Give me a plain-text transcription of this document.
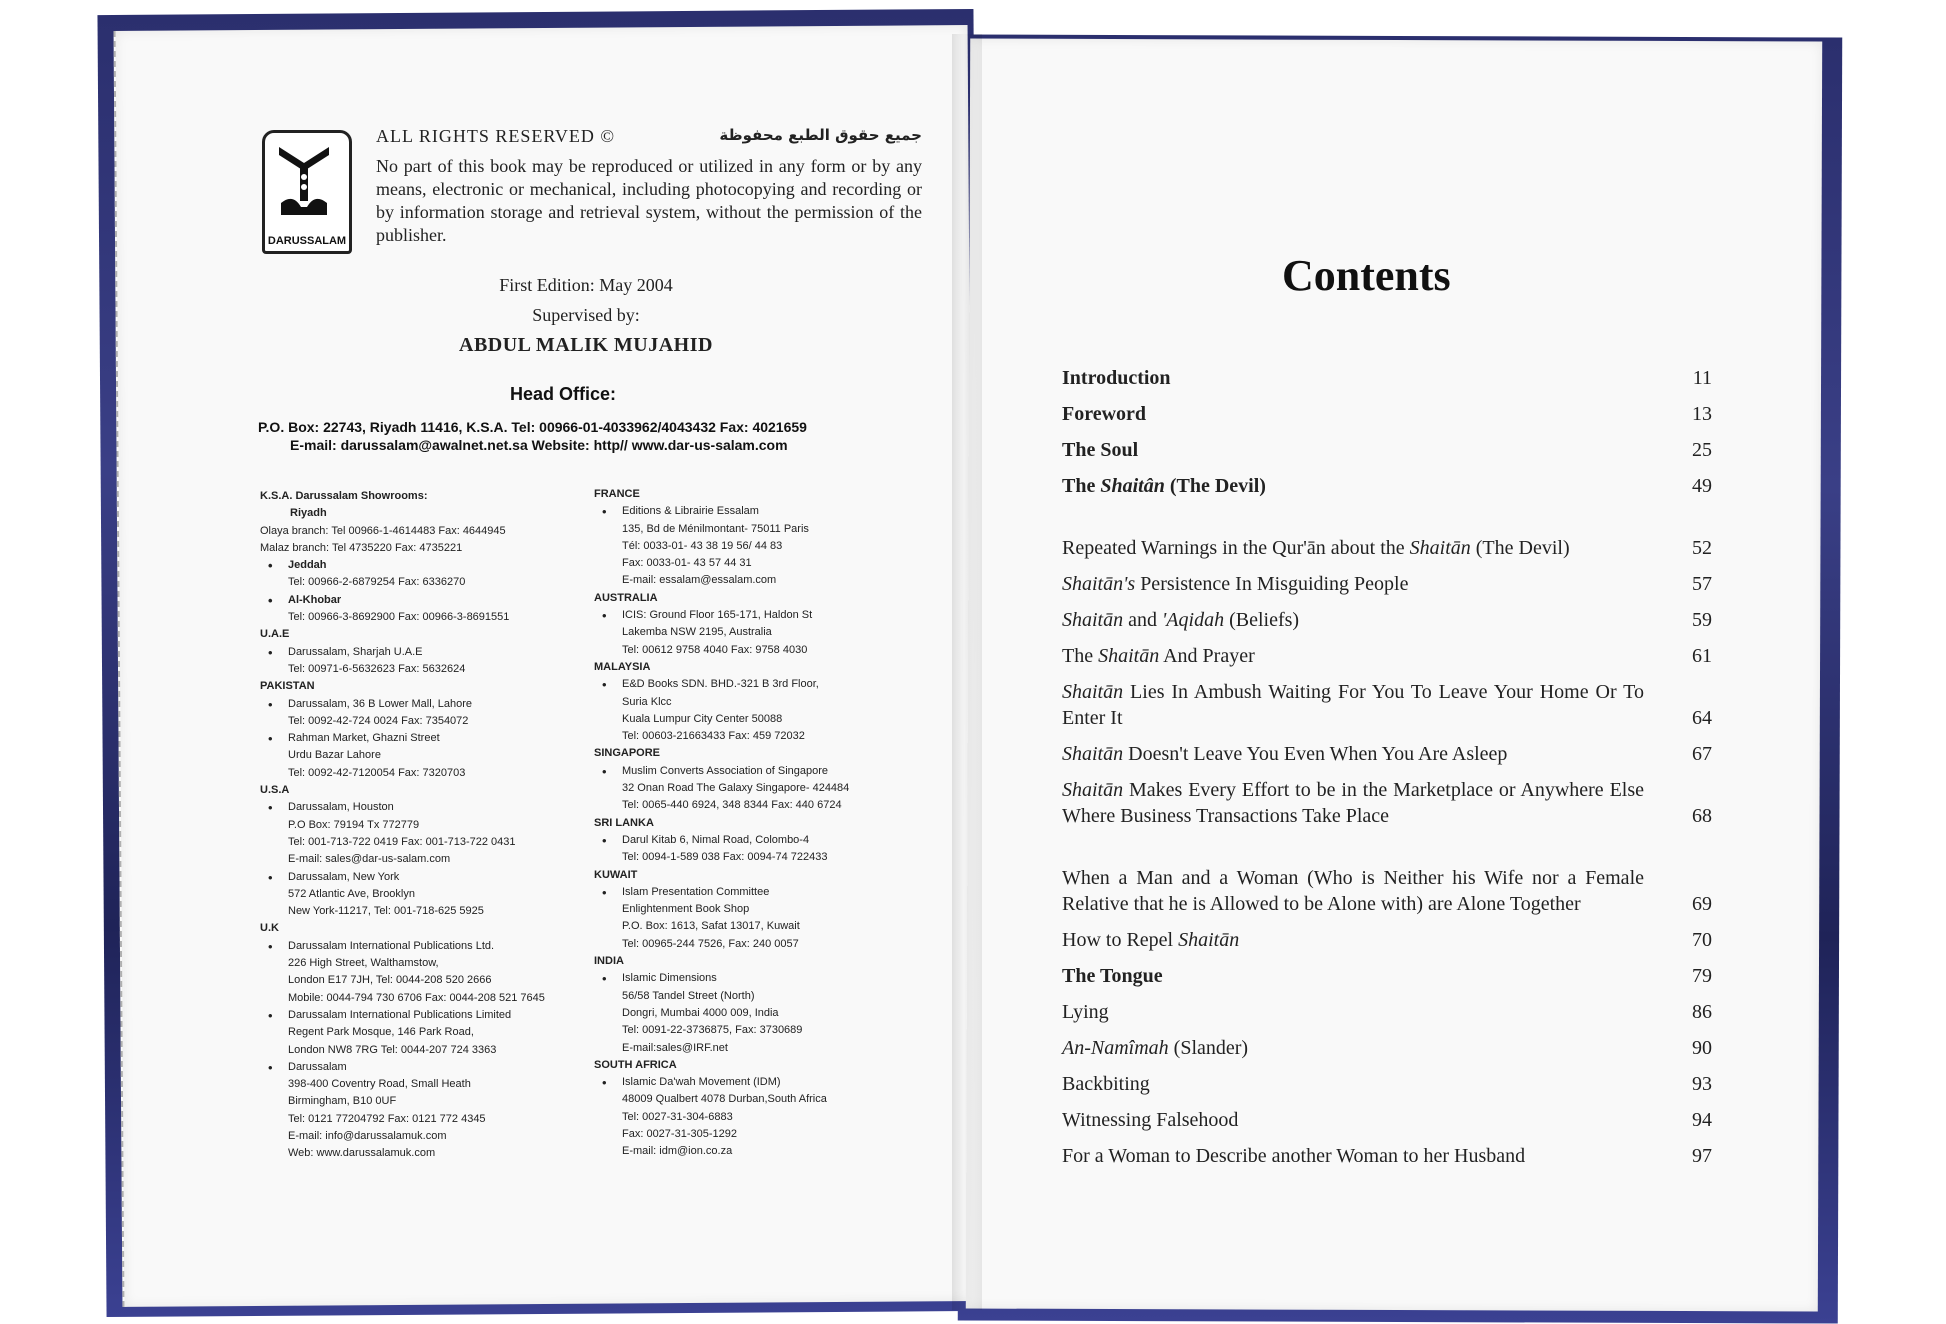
DARUSSALAM
ALL RIGHTS RESERVED ©	جميع حقوق الطبع محفوظة
No part of this book may be reproduced or utilized in any form or by any means, electronic or mechanical, including photocopying and recording or by information storage and retrieval system, without the permission of the publisher.
First Edition: May 2004
Supervised by:
ABDUL MALIK MUJAHID
Head Office:
P.O. Box: 22743, Riyadh 11416, K.S.A. Tel: 00966-01-4033962/4043432 Fax: 4021659
E-mail: darussalam@awalnet.net.sa Website: http// www.dar-us-salam.com
K.S.A. Darussalam Showrooms:
Riyadh
Olaya branch: Tel 00966-1-4614483 Fax: 4644945
Malaz branch: Tel 4735220 Fax: 4735221
• Jeddah
Tel: 00966-2-6879254 Fax: 6336270
• Al-Khobar
Tel: 00966-3-8692900 Fax: 00966-3-8691551
U.A.E
• Darussalam, Sharjah U.A.E
Tel: 00971-6-5632623 Fax: 5632624
PAKISTAN
• Darussalam, 36 B Lower Mall, Lahore
Tel: 0092-42-724 0024 Fax: 7354072
• Rahman Market, Ghazni Street
Urdu Bazar Lahore
Tel: 0092-42-7120054 Fax: 7320703
U.S.A
• Darussalam, Houston
P.O Box: 79194 Tx 772779
Tel: 001-713-722 0419 Fax: 001-713-722 0431
E-mail: sales@dar-us-salam.com
• Darussalam, New York
572 Atlantic Ave, Brooklyn
New York-11217, Tel: 001-718-625 5925
U.K
• Darussalam International Publications Ltd.
226 High Street, Walthamstow,
London E17 7JH, Tel: 0044-208 520 2666
Mobile: 0044-794 730 6706 Fax: 0044-208 521 7645
• Darussalam International Publications Limited
Regent Park Mosque, 146 Park Road,
London NW8 7RG Tel: 0044-207 724 3363
• Darussalam
398-400 Coventry Road, Small Heath
Birmingham, B10 0UF
Tel: 0121 77204792 Fax: 0121 772 4345
E-mail: info@darussalamuk.com
Web: www.darussalamuk.com
FRANCE
• Editions & Librairie Essalam
135, Bd de Ménilmontant- 75011 Paris
Tél: 0033-01- 43 38 19 56/ 44 83
Fax: 0033-01- 43 57 44 31
E-mail: essalam@essalam.com
AUSTRALIA
• ICIS: Ground Floor 165-171, Haldon St
Lakemba NSW 2195, Australia
Tel: 00612 9758 4040 Fax: 9758 4030
MALAYSIA
• E&D Books SDN. BHD.-321 B 3rd Floor,
Suria Klcc
Kuala Lumpur City Center 50088
Tel: 00603-21663433 Fax: 459 72032
SINGAPORE
• Muslim Converts Association of Singapore
32 Onan Road The Galaxy Singapore- 424484
Tel: 0065-440 6924, 348 8344 Fax: 440 6724
SRI LANKA
• Darul Kitab 6, Nimal Road, Colombo-4
Tel: 0094-1-589 038 Fax: 0094-74 722433
KUWAIT
• Islam Presentation Committee
Enlightenment Book Shop
P.O. Box: 1613, Safat 13017, Kuwait
Tel: 00965-244 7526, Fax: 240 0057
INDIA
• Islamic Dimensions
56/58 Tandel Street (North)
Dongri, Mumbai 4000 009, India
Tel: 0091-22-3736875, Fax: 3730689
E-mail:sales@IRF.net
SOUTH AFRICA
• Islamic Da'wah Movement (IDM)
48009 Qualbert 4078 Durban,South Africa
Tel: 0027-31-304-6883
Fax: 0027-31-305-1292
E-mail: idm@ion.co.za
Contents
Introduction	11
Foreword	13
The Soul	25
The Shaitân (The Devil)	49
Repeated Warnings in the Qur'ān about the Shaitān (The Devil)	52
Shaitān's Persistence In Misguiding People	57
Shaitān and 'Aqidah (Beliefs)	59
The Shaitān And Prayer	61
Shaitān Lies In Ambush Waiting For You To Leave Your Home Or To Enter It	64
Shaitān Doesn't Leave You Even When You Are Asleep	67
Shaitān Makes Every Effort to be in the Marketplace or Anywhere Else Where Business Transactions Take Place	68
When a Man and a Woman (Who is Neither his Wife nor a Female Relative that he is Allowed to be Alone with) are Alone Together	69
How to Repel Shaitān	70
The Tongue	79
Lying	86
An-Namîmah (Slander)	90
Backbiting	93
Witnessing Falsehood	94
For a Woman to Describe another Woman to her Husband	97
